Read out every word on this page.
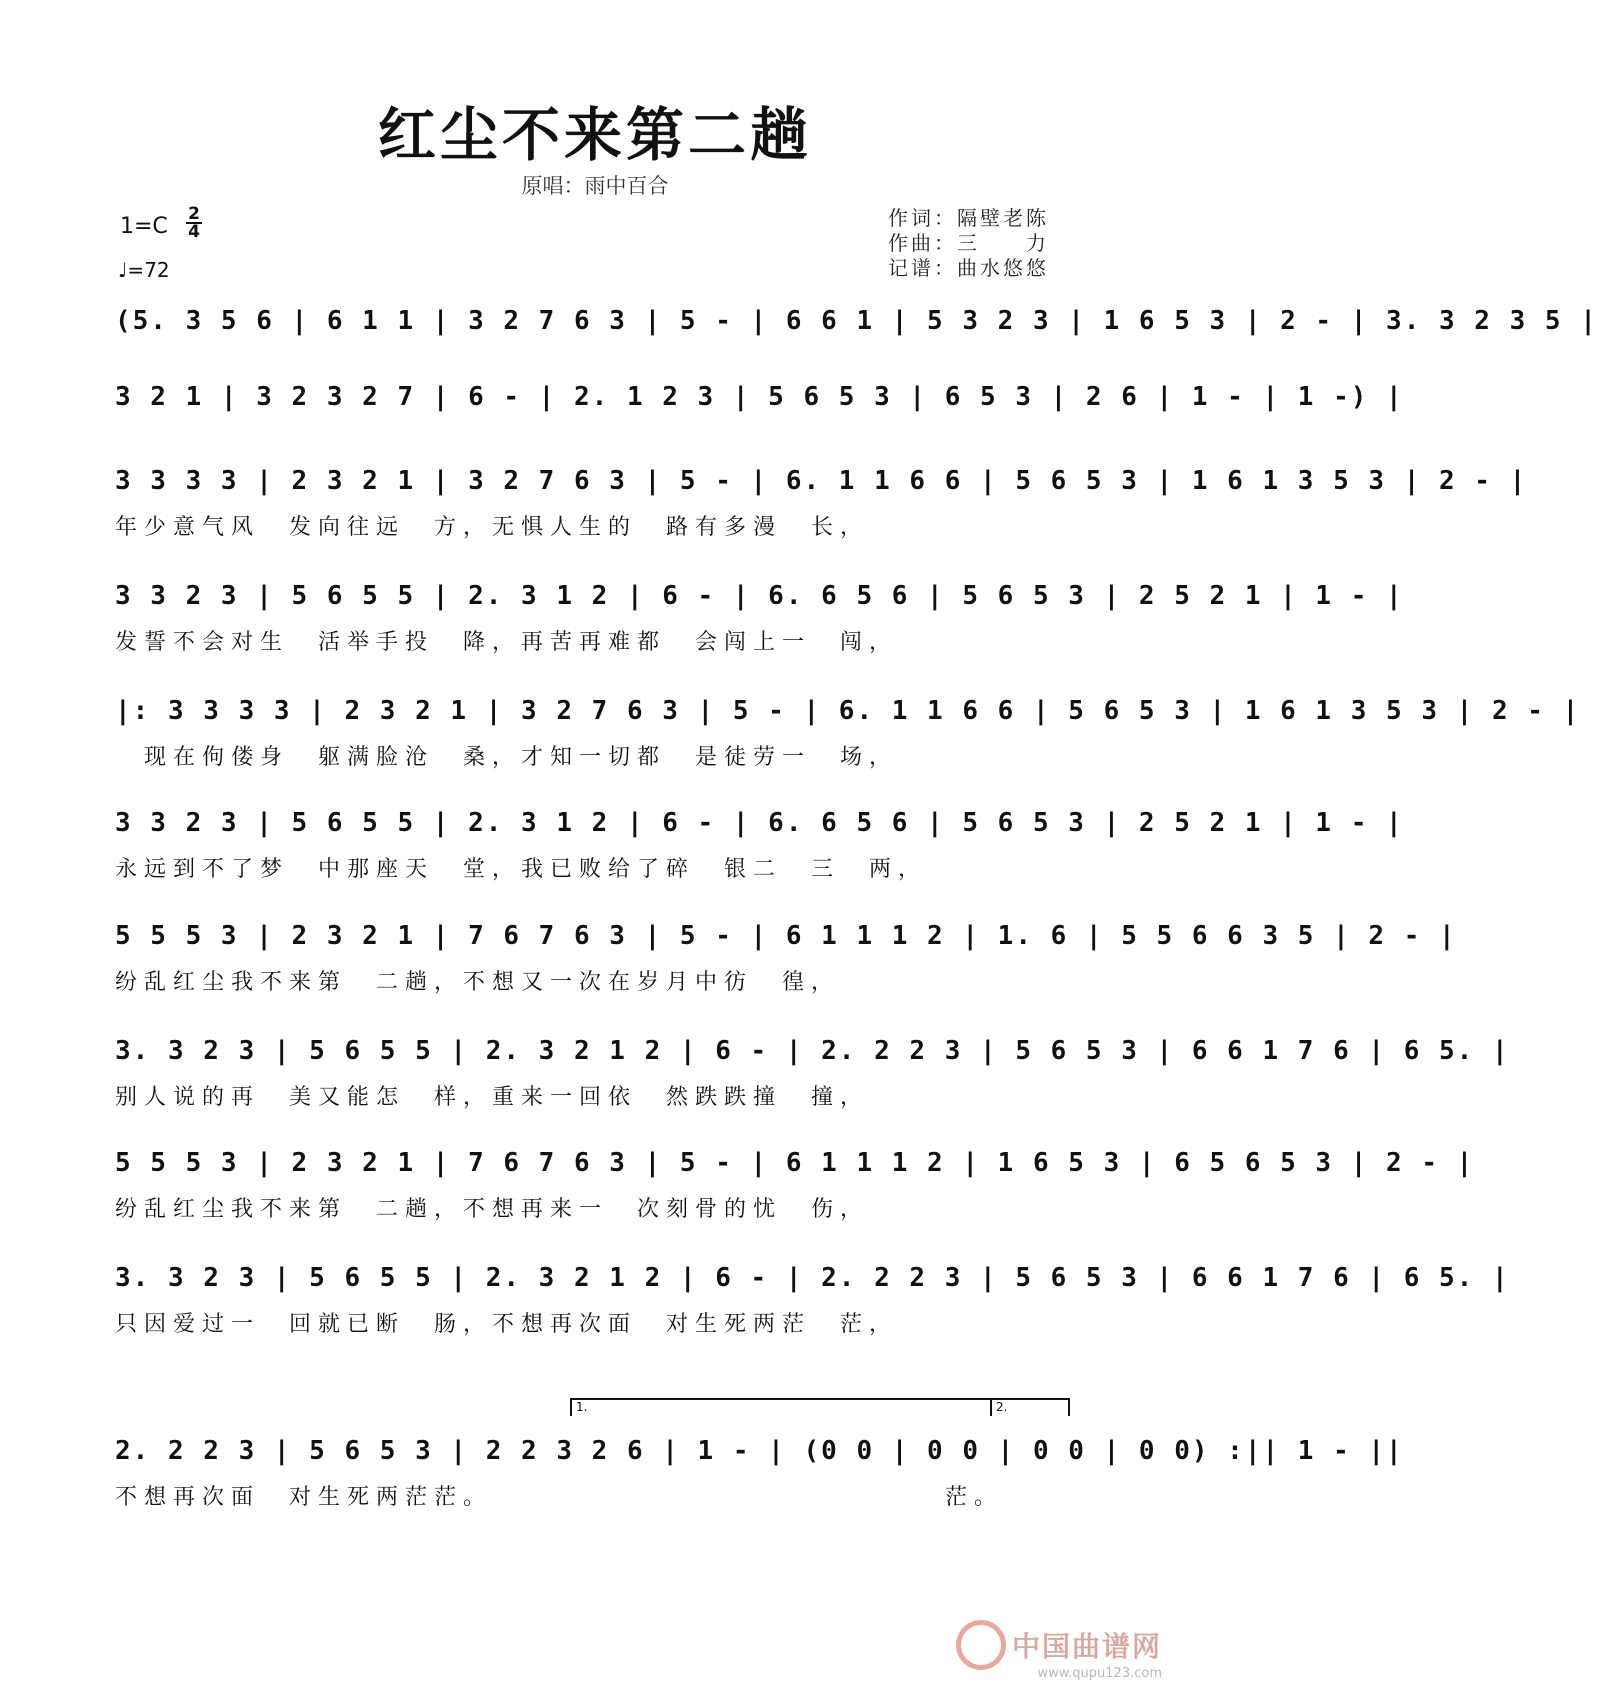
红尘不来第二趟
原唱：雨中百合
1=C 2
4
♩=72
作词：隔壁老陈
作曲：三　　力
记谱：曲水悠悠
(5. 3 5 6 | 6 1 1 | 3 2 7 6 3 | 5 - | 6 6 1 | 5 3 2 3 | 1 6 5 3 | 2 - | 3. 3 2 3 5 |
3 2 1 | 3 2 3 2 7 | 6 - | 2. 1 2 3 | 5 6 5 3 | 6 5 3 | 2 6 | 1 - | 1 -) |
3 3 3 3 | 2 3 2 1 | 3 2 7 6 3 | 5 - | 6. 1 1 6 6 | 5 6 5 3 | 1 6 1 3 5 3 | 2 - |
年少意气风　发向往远　方，无惧人生的　路有多漫　长，
3 3 2 3 | 5 6 5 5 | 2. 3 1 2 | 6 - | 6. 6 5 6 | 5 6 5 3 | 2 5 2 1 | 1 - |
发誓不会对生　活举手投　降，再苦再难都　会闯上一　闯，
|: 3 3 3 3 | 2 3 2 1 | 3 2 7 6 3 | 5 - | 6. 1 1 6 6 | 5 6 5 3 | 1 6 1 3 5 3 | 2 - |
　现在佝偻身　躯满脸沧　桑，才知一切都　是徒劳一　场，
3 3 2 3 | 5 6 5 5 | 2. 3 1 2 | 6 - | 6. 6 5 6 | 5 6 5 3 | 2 5 2 1 | 1 - |
永远到不了梦　中那座天　堂，我已败给了碎　银二　三　两，
5 5 5 3 | 2 3 2 1 | 7 6 7 6 3 | 5 - | 6 1 1 1 2 | 1. 6 | 5 5 6 6 3 5 | 2 - |
纷乱红尘我不来第　二趟，不想又一次在岁月中彷　徨，
3. 3 2 3 | 5 6 5 5 | 2. 3 2 1 2 | 6 - | 2. 2 2 3 | 5 6 5 3 | 6 6 1 7 6 | 6 5. |
别人说的再　美又能怎　样，重来一回依　然跌跌撞　撞，
5 5 5 3 | 2 3 2 1 | 7 6 7 6 3 | 5 - | 6 1 1 1 2 | 1 6 5 3 | 6 5 6 5 3 | 2 - |
纷乱红尘我不来第　二趟，不想再来一　次刻骨的忧　伤，
3. 3 2 3 | 5 6 5 5 | 2. 3 2 1 2 | 6 - | 2. 2 2 3 | 5 6 5 3 | 6 6 1 7 6 | 6 5. |
只因爱过一　回就已断　肠，不想再次面　对生死两茫　茫，
1.	2.
2. 2 2 3 | 5 6 5 3 | 2 2 3 2 6 | 1 - | (0 0 | 0 0 | 0 0 | 0 0) :|| 1 - ||
不想再次面　对生死两茫茫。　　　　　　　　　　　　　　　　茫。
中国曲谱网
www.qupu123.com
